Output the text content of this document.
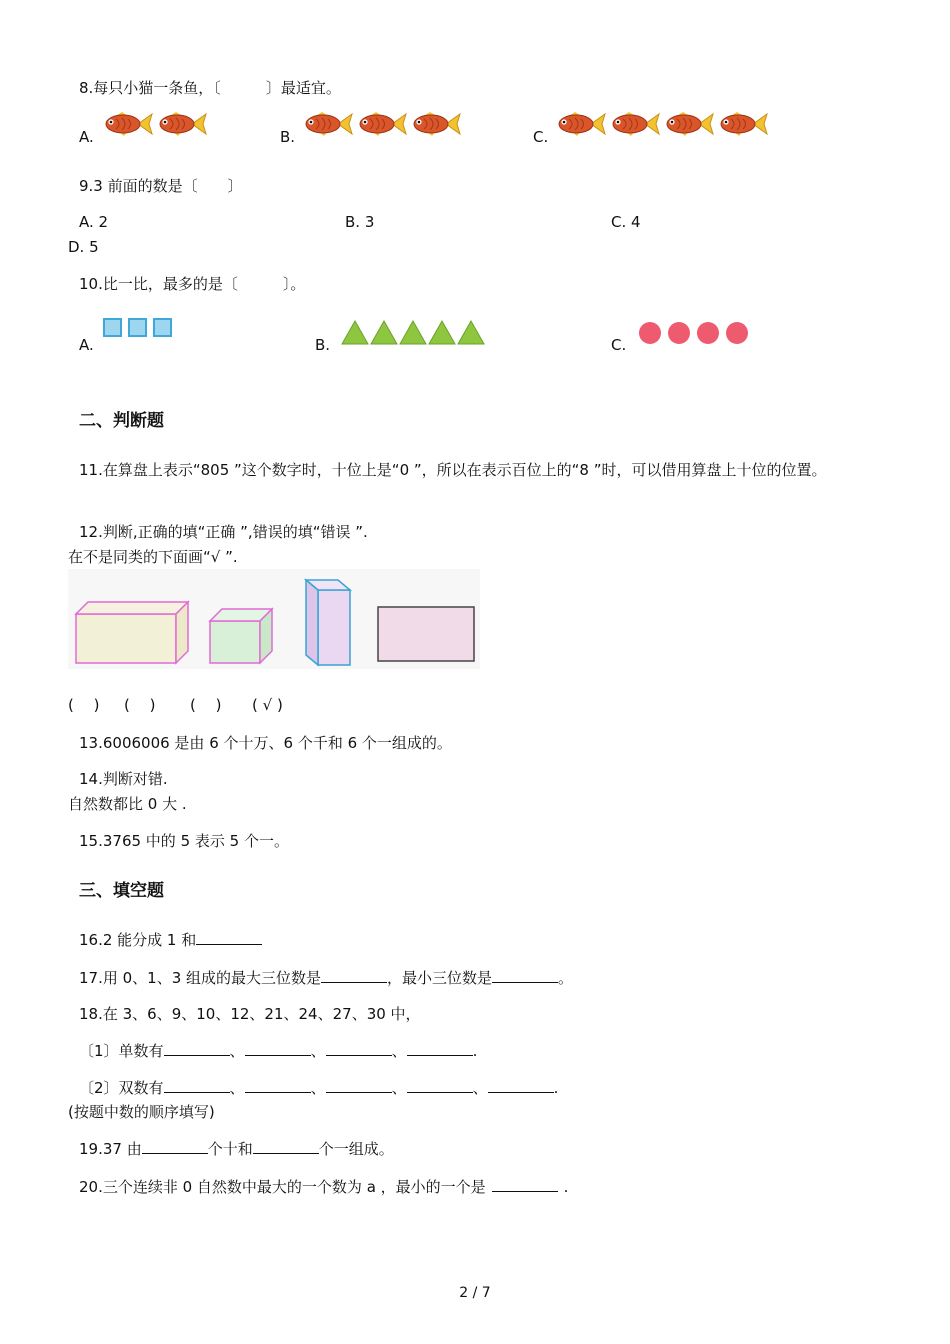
8.每只小猫一条鱼，〔　　　〕最适宜。
A.	B.	C.
9.3 前面的数是〔　　〕
A. 2	B. 3	C. 4
D. 5
10.比一比，最多的是〔　　　〕。
A.	B.	C.
二、判断题
11.在算盘上表示“805 ”这个数字时，十位上是“0 ”，所以在表示百位上的“8 ”时，可以借用算盘上十位的位置。
12.判断,正确的填“正确 ”,错误的填“错误 ”.
在不是同类的下面画“√ ”.
(　 ) (　 ) (　 ) ( √ )
13.6006006 是由 6 个十万、6 个千和 6 个一组成的。
14.判断对错.
自然数都比 0 大 .
15.3765 中的 5 表示 5 个一。
三、填空题
16.2 能分成 1 和
17.用 0、1、3 组成的最大三位数是	，最小三位数是	。
18.在 3、6、9、10、12、21、24、27、30 中，
〔1〕单数有	、	、	、	.
〔2〕双数有	、	、	、	、	.
(按题中数的顺序填写)
19.37 由	个十和	个一组成。
20.三个连续非 0 自然数中最大的一个数为 a ，最小的一个是	.
2 / 7
